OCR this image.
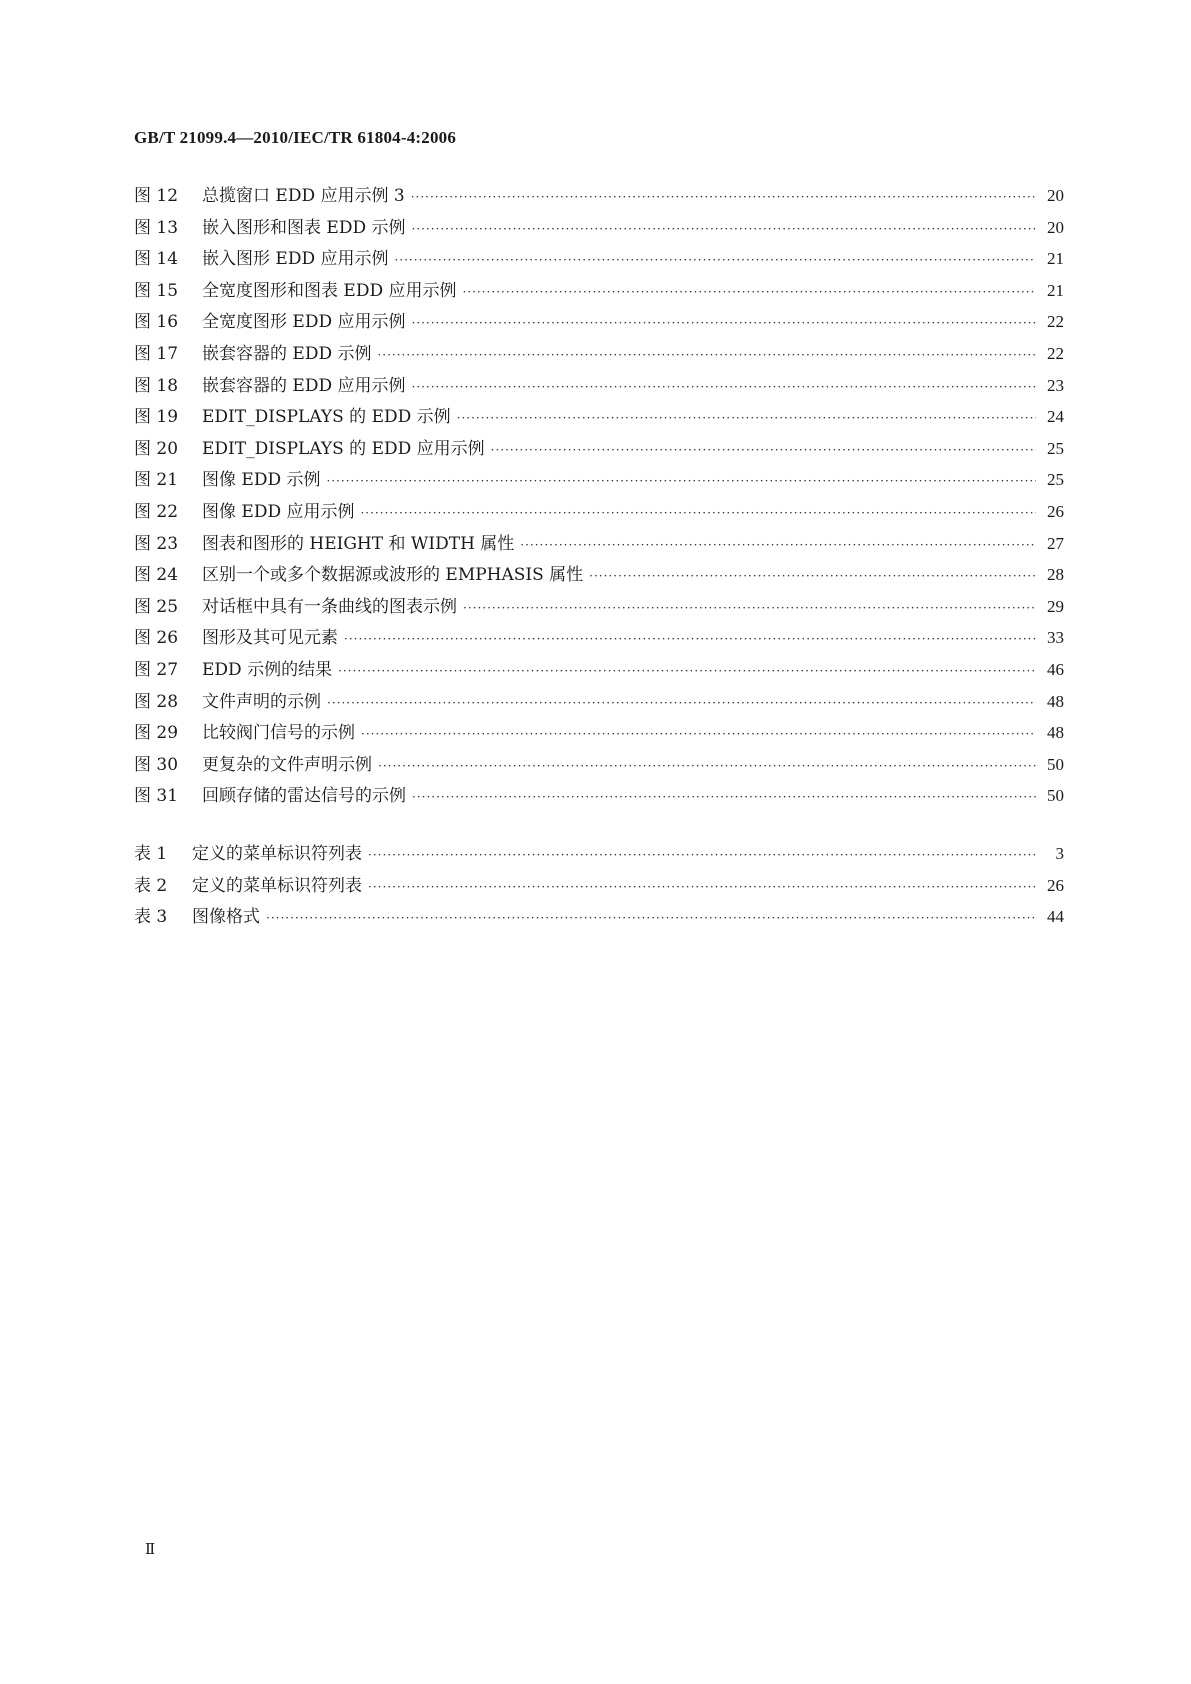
GB/T 21099.4—2010/IEC/TR 61804-4:2006
图 12	总揽窗口 EDD 应用示例 3 ·····	20
图 13	嵌入图形和图表 EDD 示例 ·····	20
图 14	嵌入图形 EDD 应用示例 ·····	21
图 15	全宽度图形和图表 EDD 应用示例 ·····	21
图 16	全宽度图形 EDD 应用示例 ·····	22
图 17	嵌套容器的 EDD 示例 ·····	22
图 18	嵌套容器的 EDD 应用示例 ·····	23
图 19	EDIT_DISPLAYS 的 EDD 示例 ·····	24
图 20	EDIT_DISPLAYS 的 EDD 应用示例 ·····	25
图 21	图像 EDD 示例 ·····	25
图 22	图像 EDD 应用示例 ·····	26
图 23	图表和图形的 HEIGHT 和 WIDTH 属性 ·····	27
图 24	区别一个或多个数据源或波形的 EMPHASIS 属性 ·····	28
图 25	对话框中具有一条曲线的图表示例 ·····	29
图 26	图形及其可见元素 ·····	33
图 27	EDD 示例的结果 ·····	46
图 28	文件声明的示例 ·····	48
图 29	比较阀门信号的示例 ·····	48
图 30	更复杂的文件声明示例 ·····	50
图 31	回顾存储的雷达信号的示例 ·····	50
表 1	定义的菜单标识符列表 ·····	3
表 2	定义的菜单标识符列表 ·····	26
表 3	图像格式 ·····	44
Ⅱ
